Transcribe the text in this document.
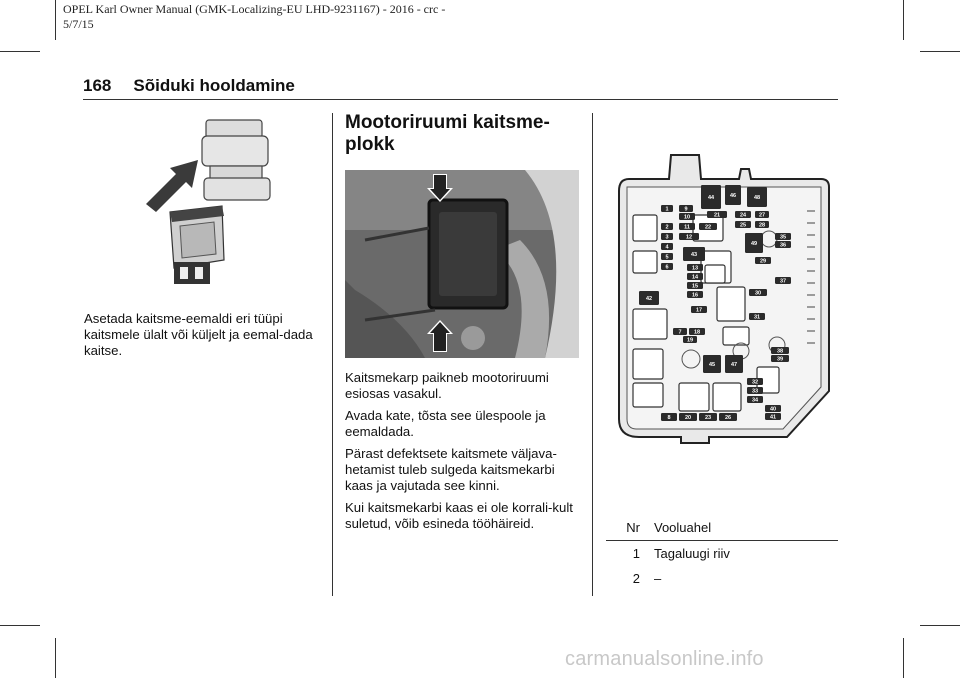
OPEL Karl Owner Manual (GMK-Localizing-EU LHD-9231167) - 2016 - crc -
5/7/15
168 Sõiduki hooldamine

Asetada kaitsme-eemaldi eri tüüpi kaitsmele ülalt või küljelt ja eemal-dada kaitse.

Mootoriruumi kaitsme-plokk

Kaitsmekarp paikneb mootoriruumi esiosas vasakul.

Avada kate, tõsta see ülespoole ja eemaldada.

Pärast defektsete kaitsmete väljava-hetamist tuleb sulgeda kaitsmekarbi kaas ja vajutada see kinni.

Kui kaitsmekarbi kaas ei ole korrali-kult suletud, võib esineda tööhäireid.

1	9
10	21	24 27
2	11	22	25 28
3	12	35
4
49	36
5	43
29
6	13
14
37
15
30
16
17
31
42
7 18
19
38
39
45	47
32
33
34
40
41
8	20	23	26
44	46	48
Nr	Vooluahel
1	Tagaluugi riiv
2	–
carmanualsonline.info
